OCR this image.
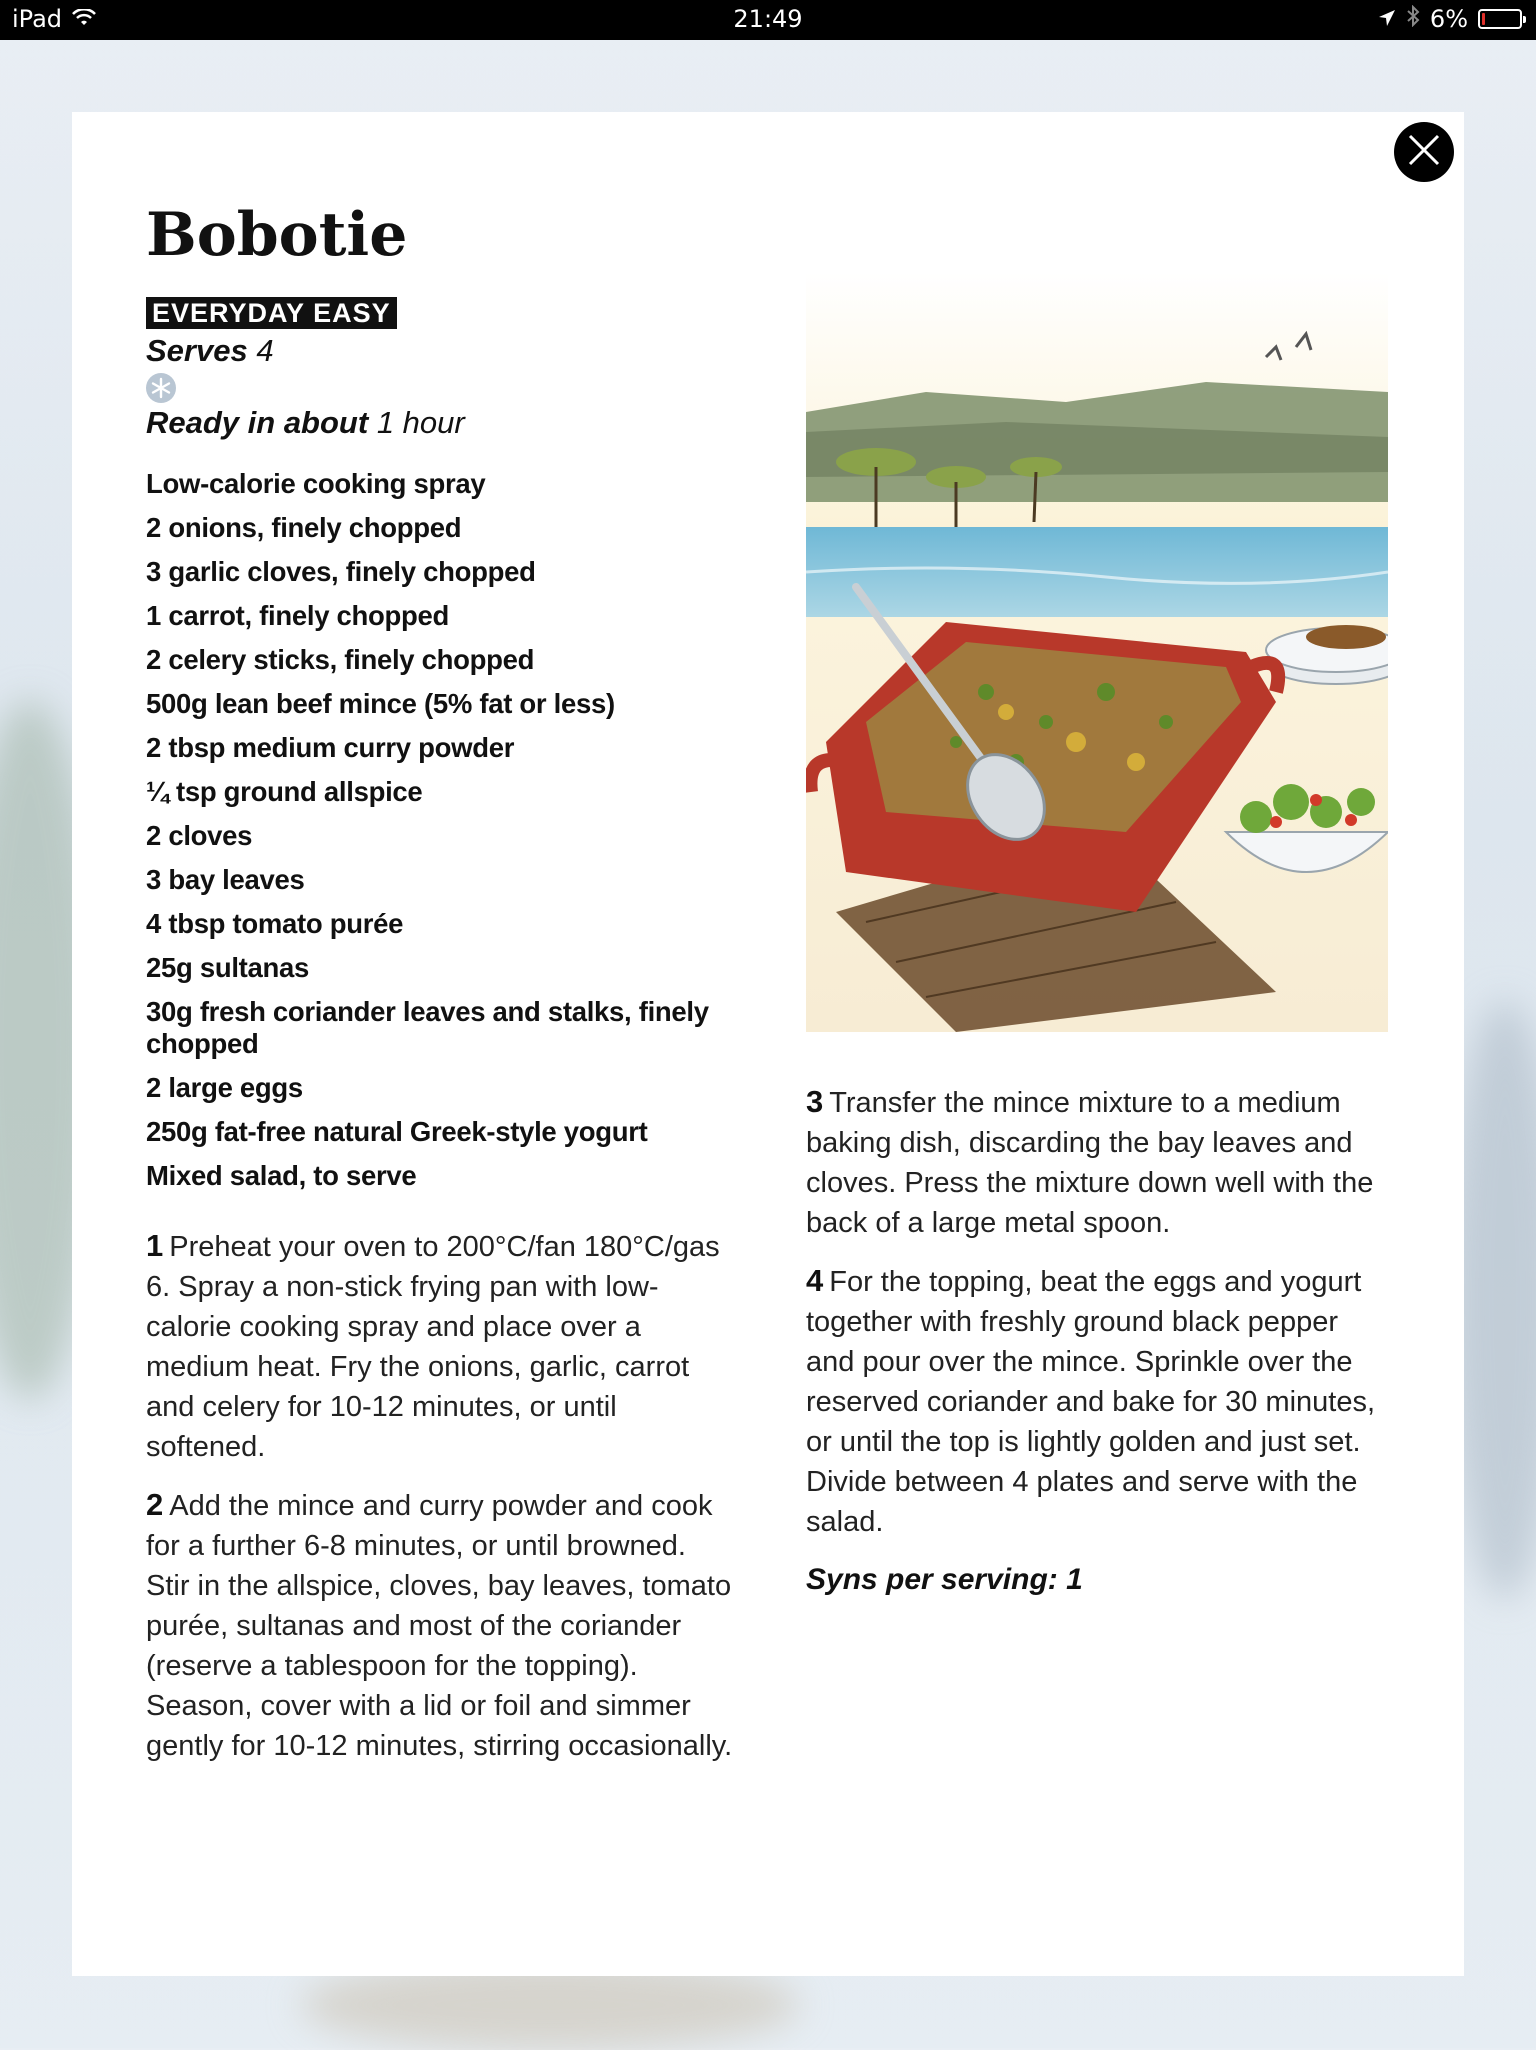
iPad	21:49	6%
Bobotie
EVERYDAY EASY
Serves 4
Ready in about 1 hour
Low-calorie cooking spray
2 onions, finely chopped
3 garlic cloves, finely chopped
1 carrot, finely chopped
2 celery sticks, finely chopped
500g lean beef mince (5% fat or less)
2 tbsp medium curry powder
¼ tsp ground allspice
2 cloves
3 bay leaves
4 tbsp tomato purée
25g sultanas
30g fresh coriander leaves and stalks, finely chopped
2 large eggs
250g fat-free natural Greek-style yogurt
Mixed salad, to serve

1 Preheat your oven to 200°C/fan 180°C/gas 6. Spray a non-stick frying pan with low-calorie cooking spray and place over a medium heat. Fry the onions, garlic, carrot and celery for 10-12 minutes, or until softened.

2 Add the mince and curry powder and cook for a further 6-8 minutes, or until browned. Stir in the allspice, cloves, bay leaves, tomato purée, sultanas and most of the coriander (reserve a tablespoon for the topping). Season, cover with a lid or foil and simmer gently for 10-12 minutes, stirring occasionally.

3 Transfer the mince mixture to a medium baking dish, discarding the bay leaves and cloves. Press the mixture down well with the back of a large metal spoon.

4 For the topping, beat the eggs and yogurt together with freshly ground black pepper and pour over the mince. Sprinkle over the reserved coriander and bake for 30 minutes, or until the top is lightly golden and just set. Divide between 4 plates and serve with the salad.

Syns per serving: 1
